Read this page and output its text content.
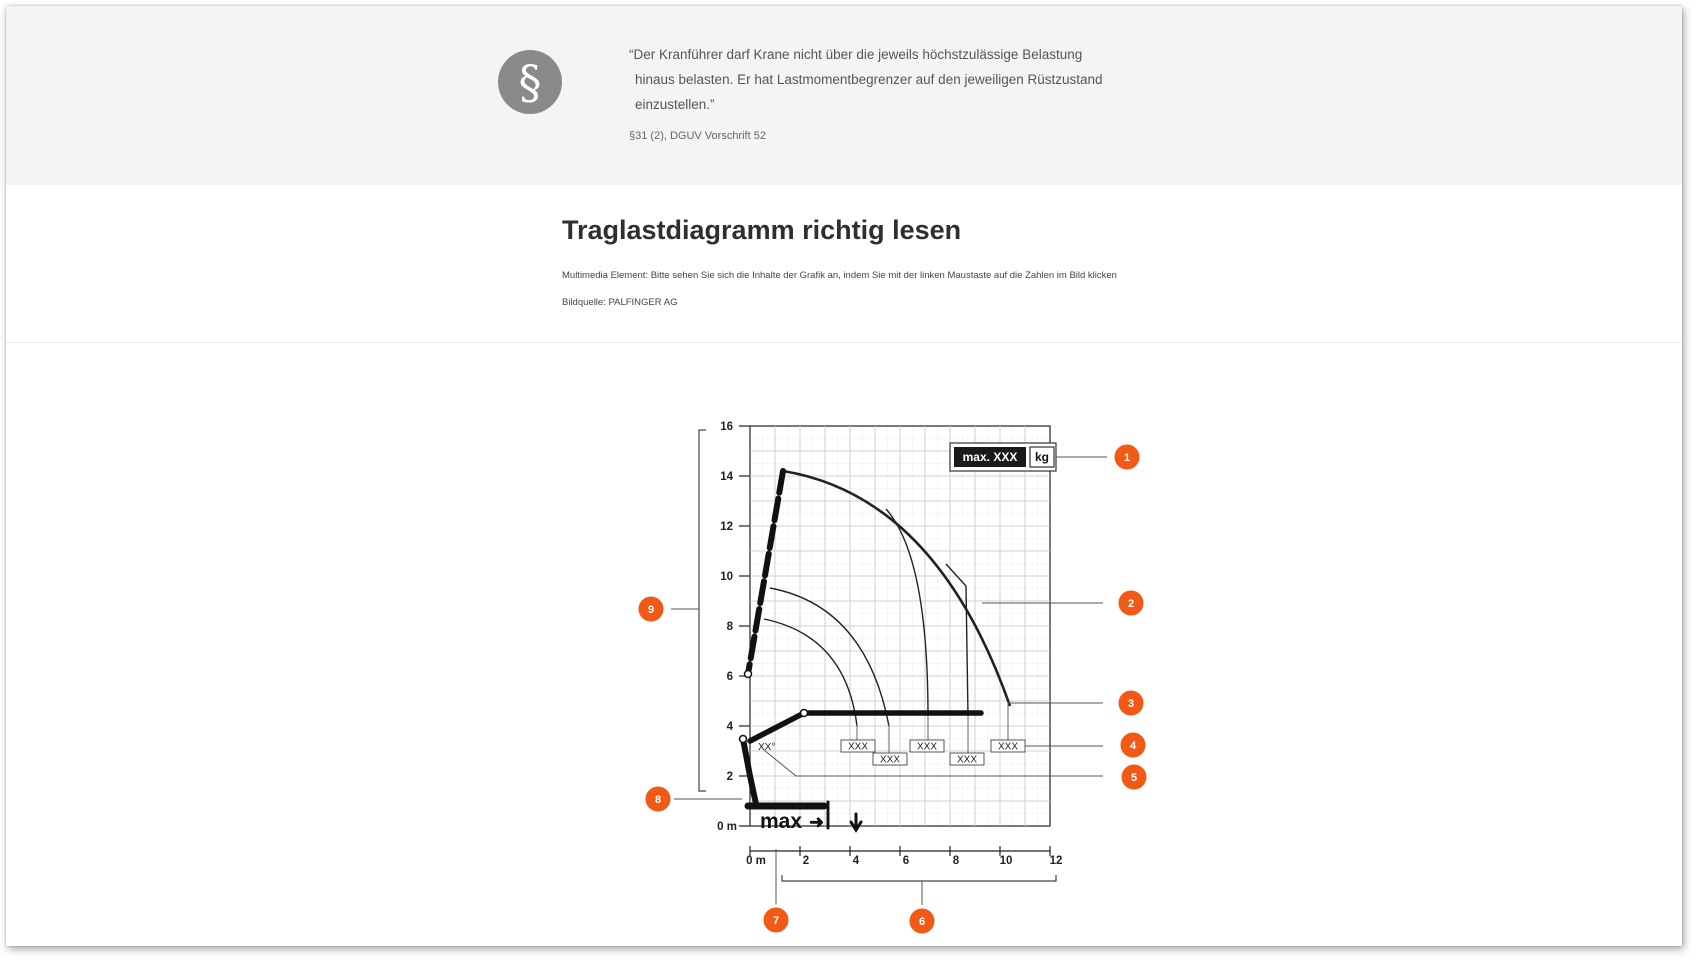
§
“Der Kranführer darf Krane nicht über die jeweils höchstzulässige Belastung
hinaus belasten. Er hat Lastmomentbegrenzer auf den jeweiligen Rüstzustand
einzustellen.”
§31 (2), DGUV Vorschrift 52
Traglastdiagramm richtig lesen
Multimedia Element: Bitte sehen Sie sich die Inhalte der Grafik an, indem Sie mit der linken Maustaste auf die Zahlen im Bild klicken
Bildquelle: PALFINGER AG
16
14
12
10
8
6
4
2
0 m
0 m	2	4	6	8	10	12
max ➜
max. XXX kg
XXX
XXX
XXX
XXX
XXX
XX°
1
2
3
4
5
6
7
8
9
